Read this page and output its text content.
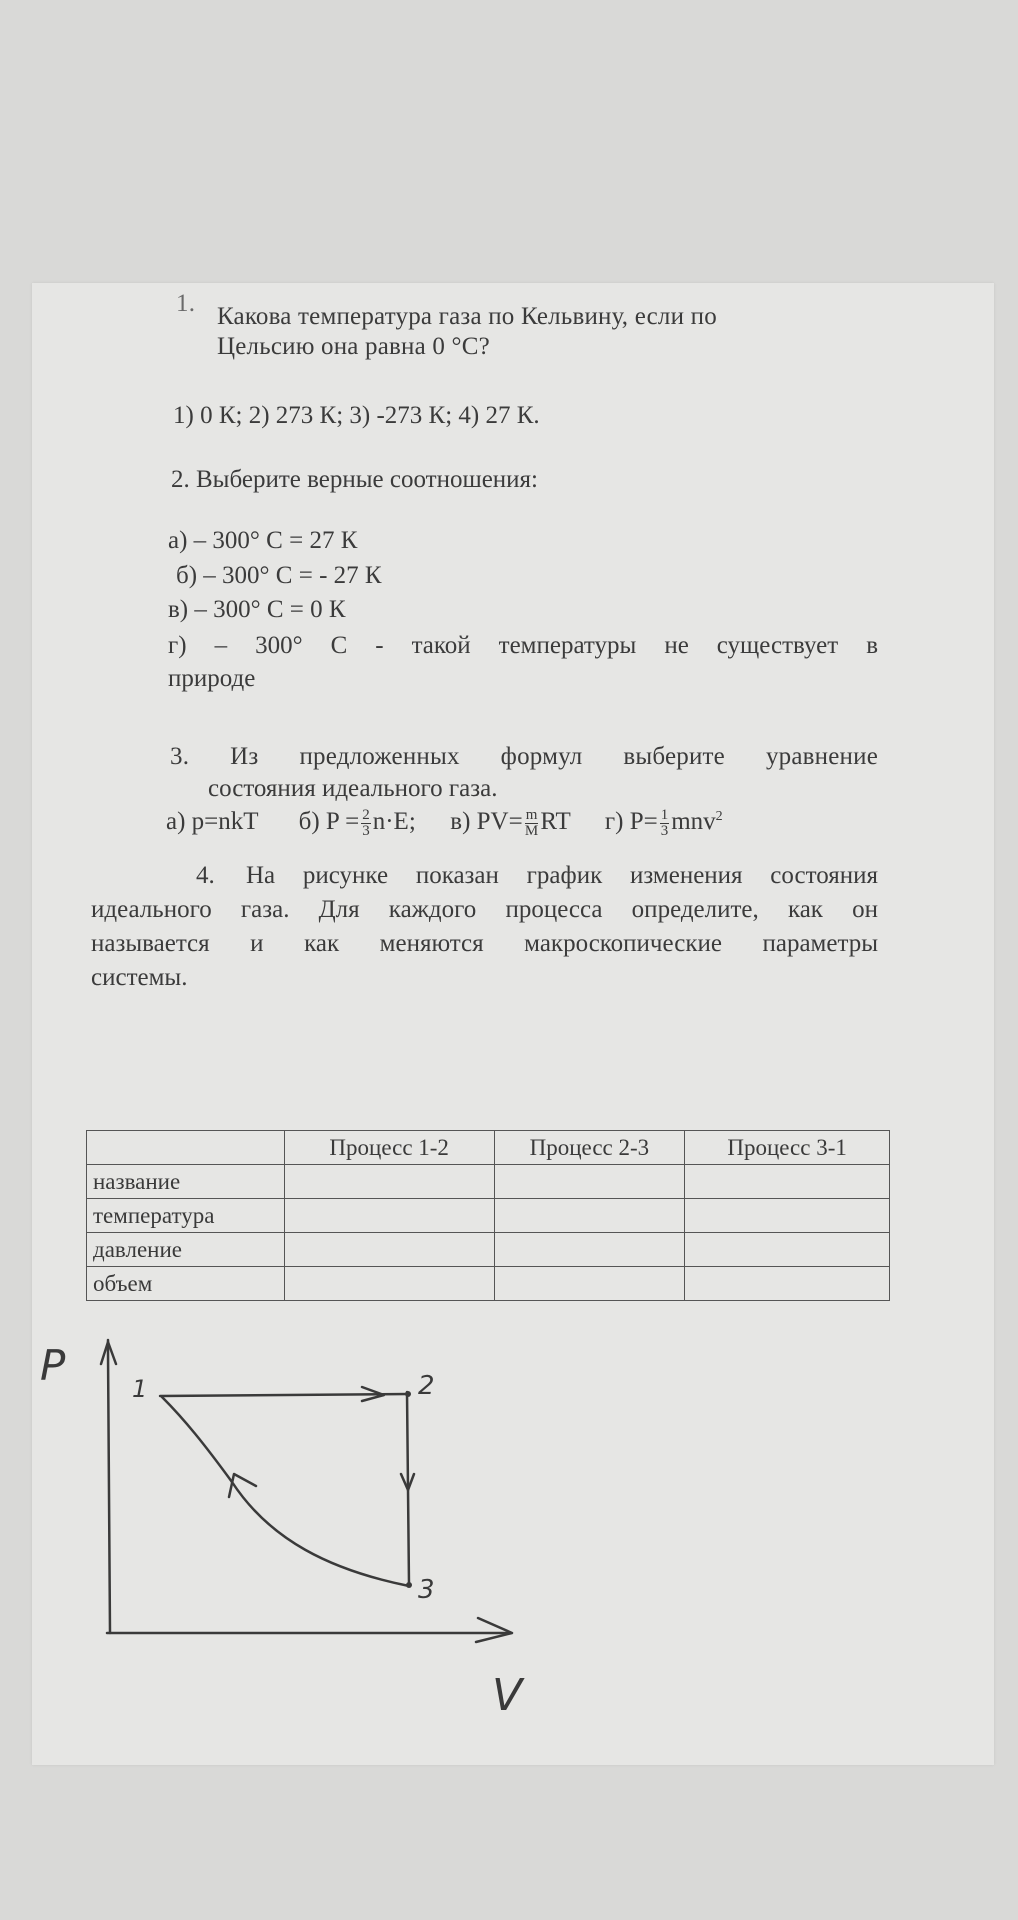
1. Какова температура газа по Кельвину, если по
Цельсию она равна 0 °С?
1) 0 К; 2) 273 К; 3) -273 К; 4) 27 К.
2. Выберите верные соотношения:
а) – 300° С = 27 К
б) – 300° С = - 27 К
в) – 300° С = 0 К
г) – 300° С - такой температуры не существует в
природе
3. Из предложенных формул выберите уравнение
состояния идеального газа.
а) p=nkT б) $P = \frac{2}{3} n\cdot E$; в) $PV= \frac{m}{M}$ RT г) $P= \frac{1}{3} mnv^2$
4. На рисунке показан график изменения состояния
идеального газа. Для каждого процесса определите, как он
называется и как меняются макроскопические параметры
системы.
	Процесс 1-2	Процесс 2-3	Процесс 3-1
название			
температура			
давление			
объем			
P
V
1	2
3
